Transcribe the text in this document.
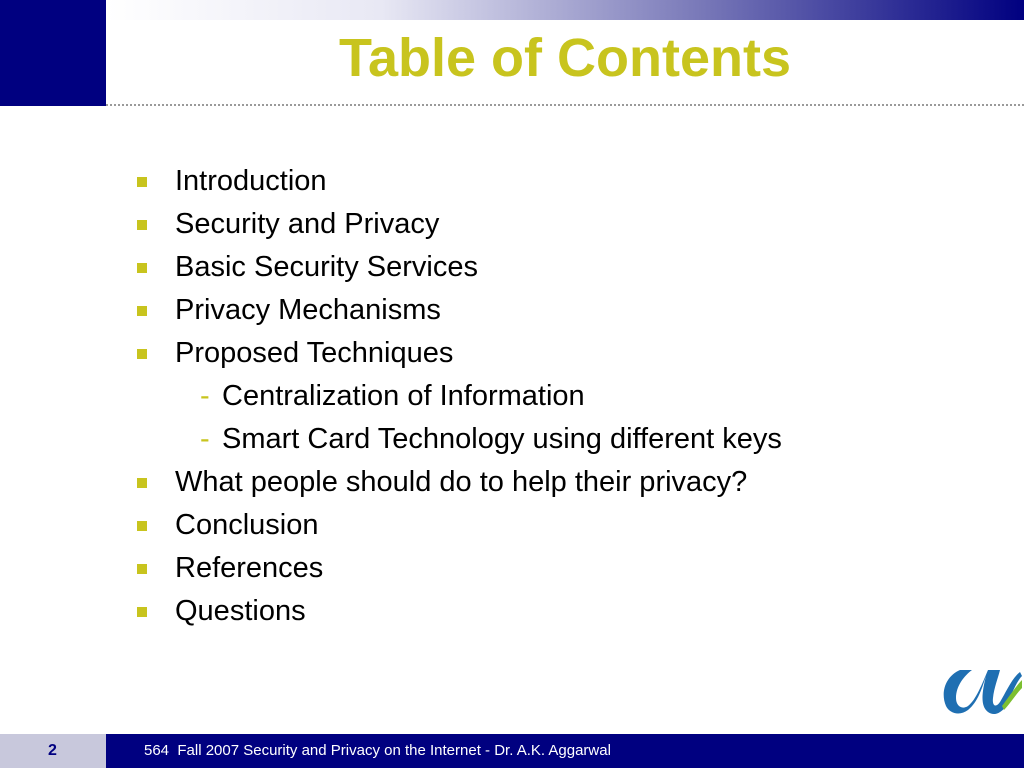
Table of Contents
Introduction
Security and Privacy
Basic Security Services
Privacy Mechanisms
Proposed Techniques
- Centralization of Information
- Smart Card Technology using different keys
What people should do to help their privacy?
Conclusion
References
Questions
2	564  Fall 2007 Security and Privacy on the Internet - Dr. A.K. Aggarwal
